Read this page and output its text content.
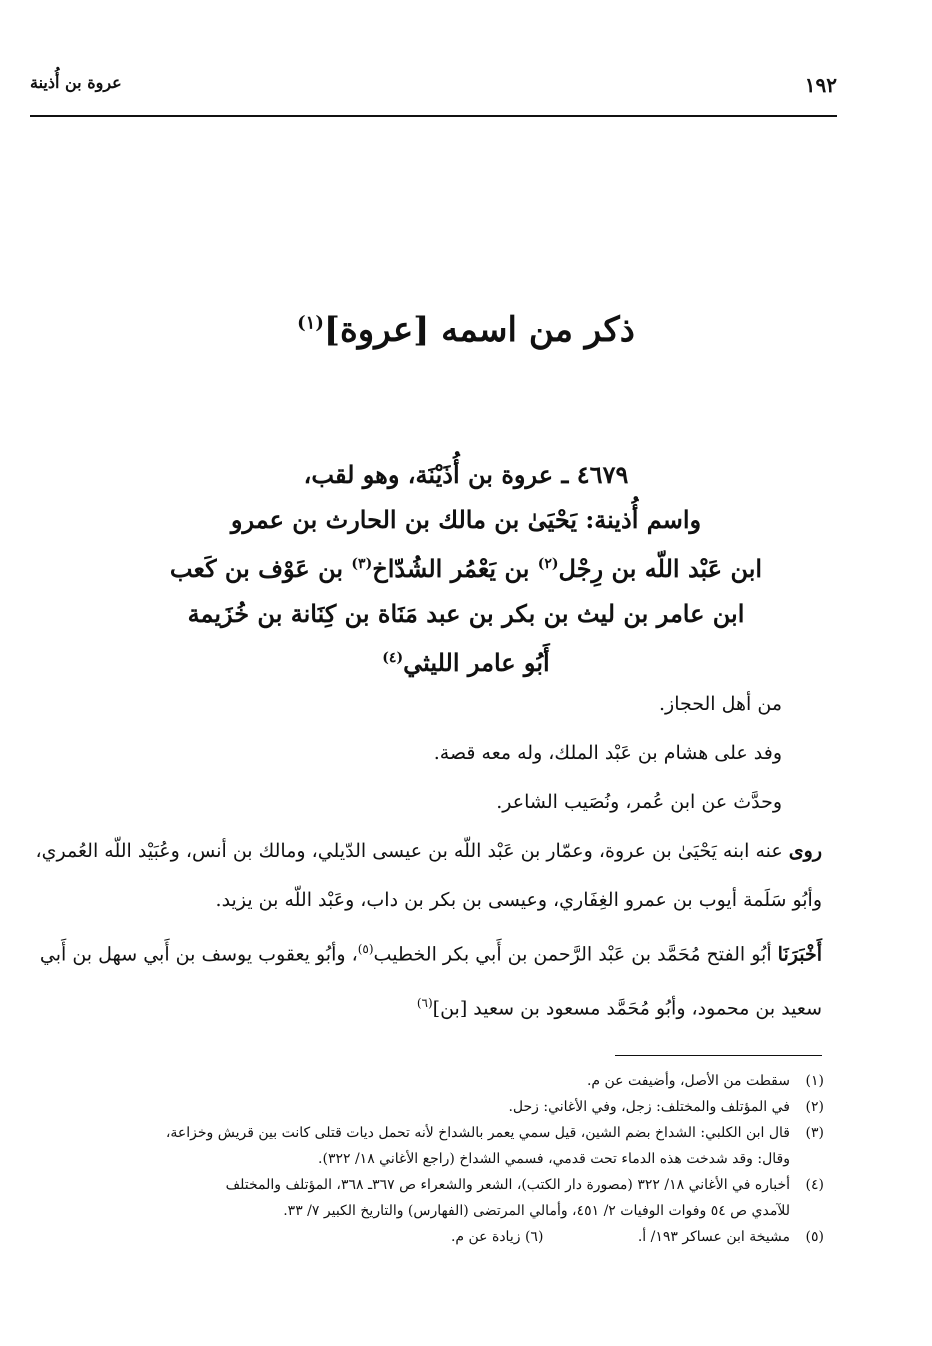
عروة بن أُذينة	١٩٢
ذكر من اسمه [عروة]$^{(١)}$
٤٦٧٩ ـ عروة بن أُذَيْنَة، وهو لقب،
واسم أُذينة: يَحْيَىٰ بن مالك بن الحارث بن عمرو
ابن عَبْد اللّه بن رِجْل$^{(٢)}$ بن يَعْمُر الشُدّاخ$^{(٣)}$ بن عَوْف بن كَعب
ابن عامر بن ليث بن بكر بن عبد مَنَاة بن كِنَانة بن خُزَيمة
أَبُو عامر الليثي$^{(٤)}$

من أهل الحجاز.

وفد على هشام بن عَبْد الملك، وله معه قصة.

وحدَّث عن ابن عُمر، ونُصَيب الشاعر.

روى عنه ابنه يَحْيَىٰ بن عروة، وعمّار بن عَبْد اللّه بن عيسى الدّيلي، ومالك بن أنس، وعُبَيْد اللّه العُمري، وأبُو سَلَمة أيوب بن عمرو الغِفَاري، وعيسى بن بكر بن داب، وعَبْد اللّه بن يزيد.

أَخْبَرَنَا أبُو الفتح مُحَمَّد بن عَبْد الرَّحمن بن أَبي بكر الخطيب$^{(٥)}$، وأبُو يعقوب يوسف بن أَبي سهل بن أَبي سعيد بن محمود، وأبُو مُحَمَّد مسعود بن سعيد [بن]$^{(٦)}$

(١)
سقطت من الأصل، وأضيفت عن م.
(٢)
في المؤتلف والمختلف: زجل، وفي الأغاني: زحل.
(٣)
قال ابن الكلبي: الشداخ بضم الشين، قيل سمي يعمر بالشداخ لأنه تحمل ديات قتلى كانت بين قريش وخزاعة،
وقال: وقد شدخت هذه الدماء تحت قدمي، فسمي الشداخ (راجع الأغاني ١٨/ ٣٢٢).
(٤)
أخباره في الأغاني ١٨/ ٣٢٢ (مصورة دار الكتب)، الشعر والشعراء ص ٣٦٧ـ ٣٦٨، المؤتلف والمختلف
للآمدي ص ٥٤ وفوات الوفيات ٢/ ٤٥١، وأمالي المرتضى (الفهارس) والتاريخ الكبير ٧/ ٣٣.
(٥)
مشيخة ابن عساكر ١٩٣/ أ. (٦) زيادة عن م.
